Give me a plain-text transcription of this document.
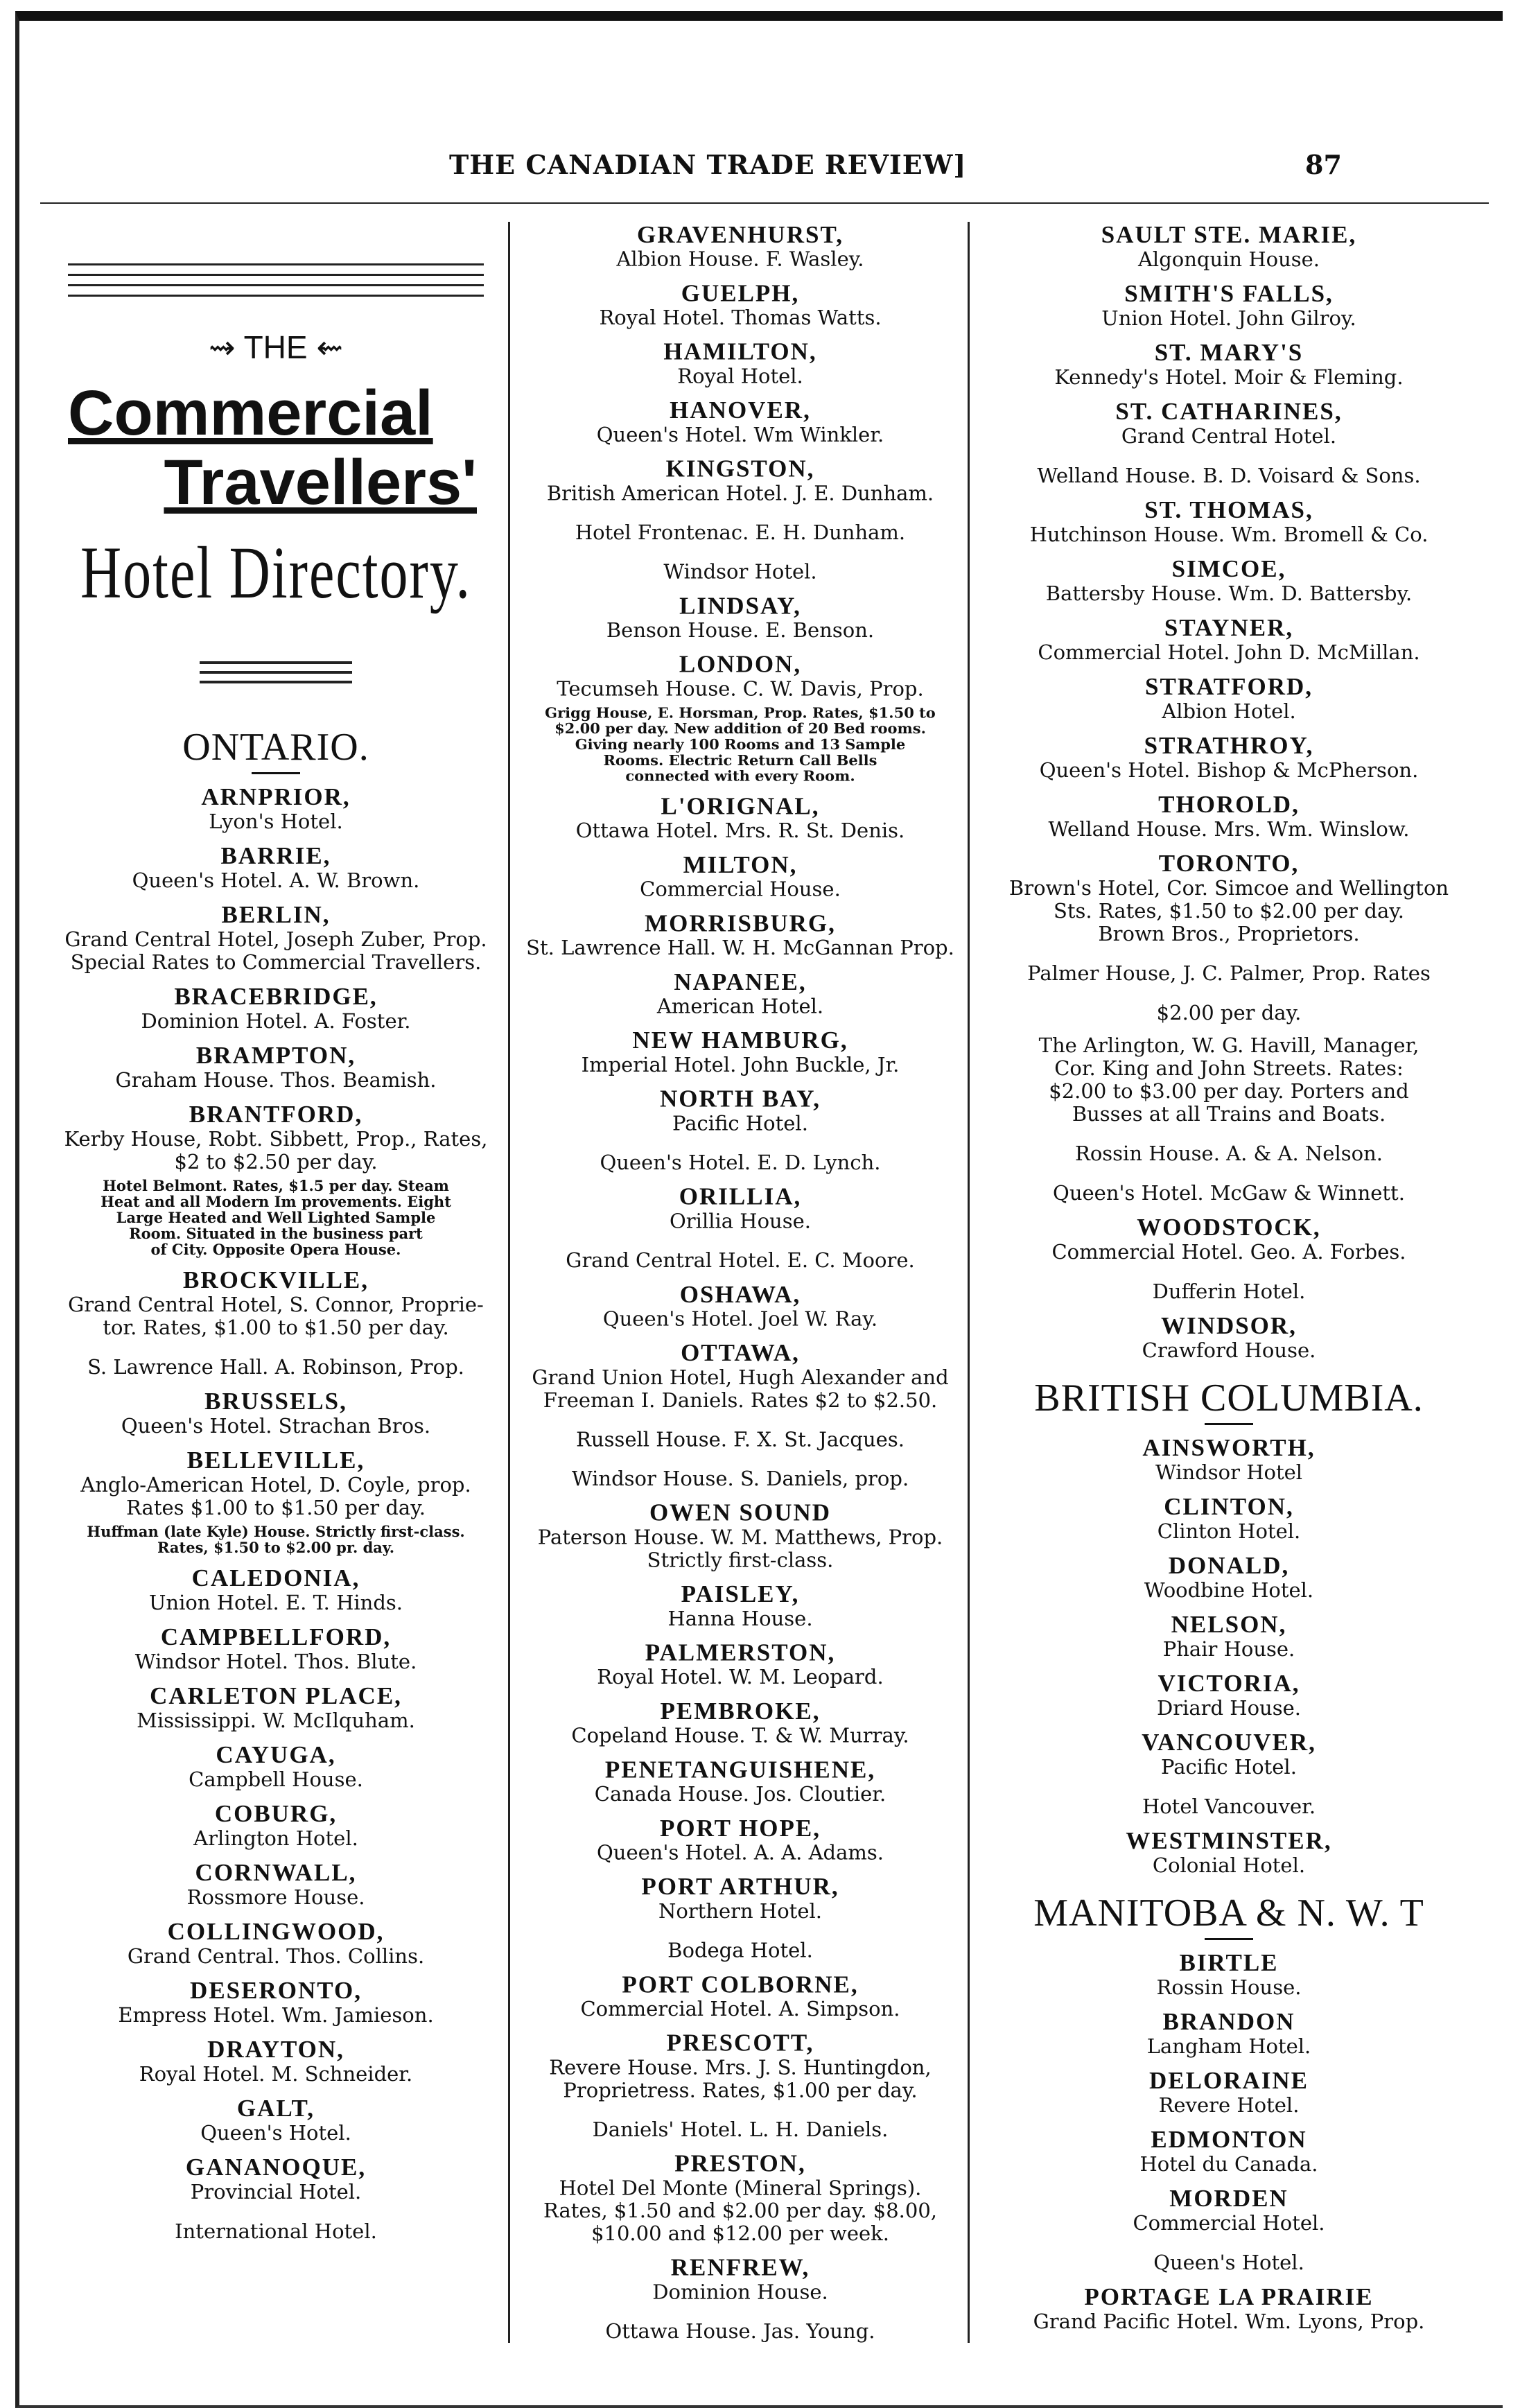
THE CANADIAN TRADE REVIEW]	87
⇝ THE ⇜
Commercial
Travellers'
Hotel Directory.
ONTARIO.
ARNPRIOR,
Lyon's Hotel.
BARRIE,
Queen's Hotel. A. W. Brown.
BERLIN,
Grand Central Hotel, Joseph Zuber, Prop.
Special Rates to Commercial Travellers.
BRACEBRIDGE,
Dominion Hotel. A. Foster.
BRAMPTON,
Graham House. Thos. Beamish.
BRANTFORD,
Kerby House, Robt. Sibbett, Prop., Rates,
$2 to $2.50 per day.
Hotel Belmont. Rates, $1.5 per day. Steam
Heat and all Modern Im provements. Eight
Large Heated and Well Lighted Sample
Room. Situated in the business part
of City. Opposite Opera House.
BROCKVILLE,
Grand Central Hotel, S. Connor, Proprie-
tor. Rates, $1.00 to $1.50 per day.
S. Lawrence Hall. A. Robinson, Prop.
BRUSSELS,
Queen's Hotel. Strachan Bros.
BELLEVILLE,
Anglo-American Hotel, D. Coyle, prop.
Rates $1.00 to $1.50 per day.
Huffman (late Kyle) House. Strictly first-class.
Rates, $1.50 to $2.00 pr. day.
CALEDONIA,
Union Hotel. E. T. Hinds.
CAMPBELLFORD,
Windsor Hotel. Thos. Blute.
CARLETON PLACE,
Mississippi. W. McIlquham.
CAYUGA,
Campbell House.
COBURG,
Arlington Hotel.
CORNWALL,
Rossmore House.
COLLINGWOOD,
Grand Central. Thos. Collins.
DESERONTO,
Empress Hotel. Wm. Jamieson.
DRAYTON,
Royal Hotel. M. Schneider.
GALT,
Queen's Hotel.
GANANOQUE,
Provincial Hotel.
International Hotel.
GRAVENHURST,
Albion House. F. Wasley.
GUELPH,
Royal Hotel. Thomas Watts.
HAMILTON,
Royal Hotel.
HANOVER,
Queen's Hotel. Wm Winkler.
KINGSTON,
British American Hotel. J. E. Dunham.
Hotel Frontenac. E. H. Dunham.
Windsor Hotel.
LINDSAY,
Benson House. E. Benson.
LONDON,
Tecumseh House. C. W. Davis, Prop.
Grigg House, E. Horsman, Prop. Rates, $1.50 to
$2.00 per day. New addition of 20 Bed rooms.
Giving nearly 100 Rooms and 13 Sample
Rooms. Electric Return Call Bells
connected with every Room.
L'ORIGNAL,
Ottawa Hotel. Mrs. R. St. Denis.
MILTON,
Commercial House.
MORRISBURG,
St. Lawrence Hall. W. H. McGannan Prop.
NAPANEE,
American Hotel.
NEW HAMBURG,
Imperial Hotel. John Buckle, Jr.
NORTH BAY,
Pacific Hotel.
Queen's Hotel. E. D. Lynch.
ORILLIA,
Orillia House.
Grand Central Hotel. E. C. Moore.
OSHAWA,
Queen's Hotel. Joel W. Ray.
OTTAWA,
Grand Union Hotel, Hugh Alexander and
Freeman I. Daniels. Rates $2 to $2.50.
Russell House. F. X. St. Jacques.
Windsor House. S. Daniels, prop.
OWEN SOUND
Paterson House. W. M. Matthews, Prop.
Strictly first-class.
PAISLEY,
Hanna House.
PALMERSTON,
Royal Hotel. W. M. Leopard.
PEMBROKE,
Copeland House. T. & W. Murray.
PENETANGUISHENE,
Canada House. Jos. Cloutier.
PORT HOPE,
Queen's Hotel. A. A. Adams.
PORT ARTHUR,
Northern Hotel.
Bodega Hotel.
PORT COLBORNE,
Commercial Hotel. A. Simpson.
PRESCOTT,
Revere House. Mrs. J. S. Huntingdon,
Proprietress. Rates, $1.00 per day.
Daniels' Hotel. L. H. Daniels.
PRESTON,
Hotel Del Monte (Mineral Springs).
Rates, $1.50 and $2.00 per day. $8.00,
$10.00 and $12.00 per week.
RENFREW,
Dominion House.
Ottawa House. Jas. Young.
SAULT STE. MARIE,
Algonquin House.
SMITH'S FALLS,
Union Hotel. John Gilroy.
ST. MARY'S
Kennedy's Hotel. Moir & Fleming.
ST. CATHARINES,
Grand Central Hotel.
Welland House. B. D. Voisard & Sons.
ST. THOMAS,
Hutchinson House. Wm. Bromell & Co.
SIMCOE,
Battersby House. Wm. D. Battersby.
STAYNER,
Commercial Hotel. John D. McMillan.
STRATFORD,
Albion Hotel.
STRATHROY,
Queen's Hotel. Bishop & McPherson.
THOROLD,
Welland House. Mrs. Wm. Winslow.
TORONTO,
Brown's Hotel, Cor. Simcoe and Wellington
Sts. Rates, $1.50 to $2.00 per day.
Brown Bros., Proprietors.
Palmer House, J. C. Palmer, Prop. Rates
$2.00 per day.
The Arlington, W. G. Havill, Manager,
Cor. King and John Streets. Rates:
$2.00 to $3.00 per day. Porters and
Busses at all Trains and Boats.
Rossin House. A. & A. Nelson.
Queen's Hotel. McGaw & Winnett.
WOODSTOCK,
Commercial Hotel. Geo. A. Forbes.
Dufferin Hotel.
WINDSOR,
Crawford House.
BRITISH COLUMBIA.
AINSWORTH,
Windsor Hotel
CLINTON,
Clinton Hotel.
DONALD,
Woodbine Hotel.
NELSON,
Phair House.
VICTORIA,
Driard House.
VANCOUVER,
Pacific Hotel.
Hotel Vancouver.
WESTMINSTER,
Colonial Hotel.
MANITOBA & N. W. T
BIRTLE
Rossin House.
BRANDON
Langham Hotel.
DELORAINE
Revere Hotel.
EDMONTON
Hotel du Canada.
MORDEN
Commercial Hotel.
Queen's Hotel.
PORTAGE LA PRAIRIE
Grand Pacific Hotel. Wm. Lyons, Prop.
